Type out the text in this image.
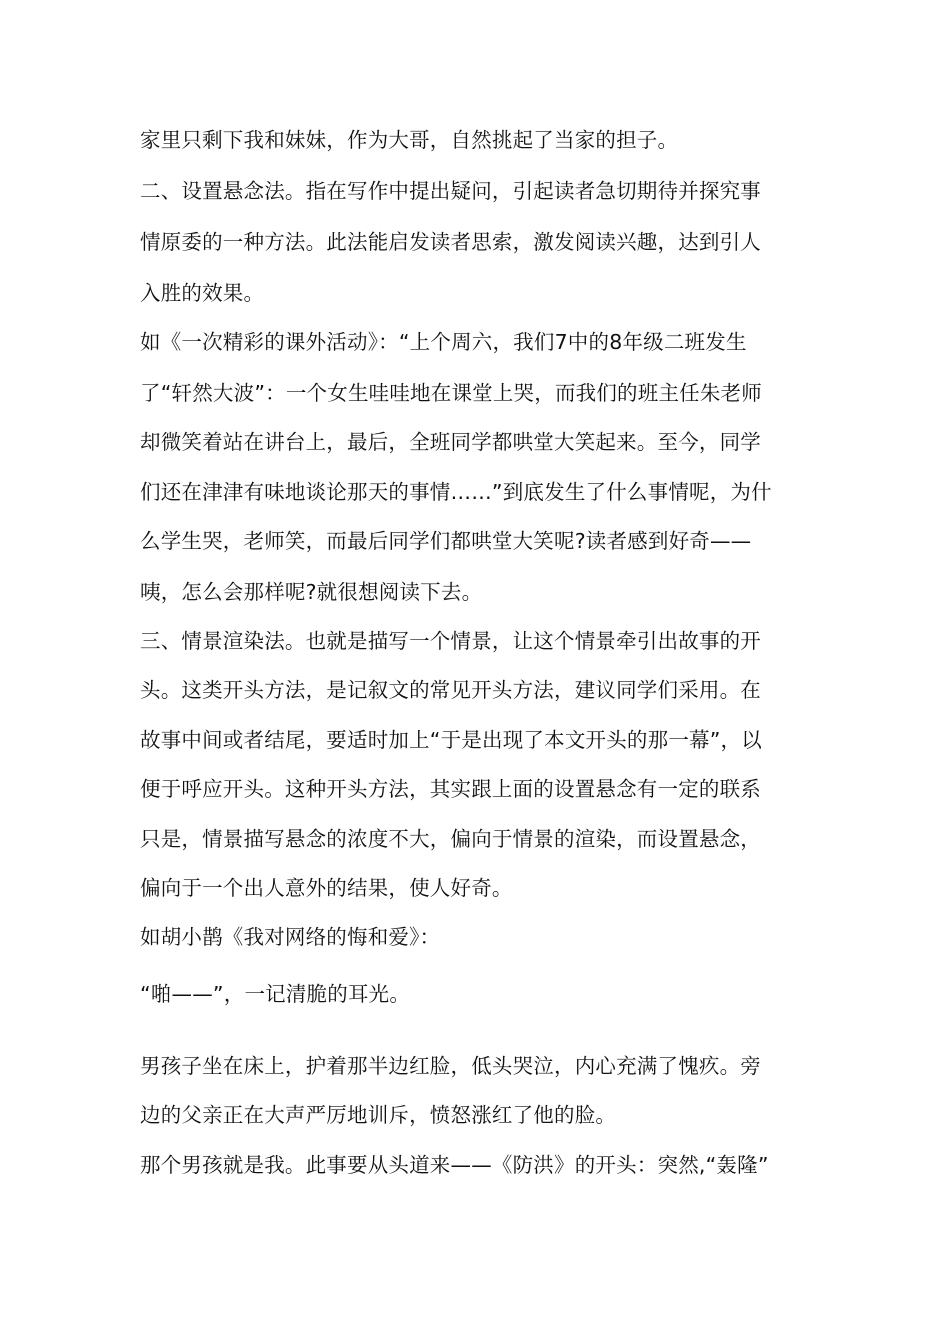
家里只剩下我和妹妹，作为大哥，自然挑起了当家的担子。
二、设置悬念法。指在写作中提出疑问，引起读者急切期待并探究事
情原委的一种方法。此法能启发读者思索，激发阅读兴趣，达到引人
入胜的效果。
如《一次精彩的课外活动》：“上个周六，我们7中的8年级二班发生
了“轩然大波”：一个女生哇哇地在课堂上哭，而我们的班主任朱老师
却微笑着站在讲台上，最后，全班同学都哄堂大笑起来。至今，同学
们还在津津有味地谈论那天的事情……”到底发生了什么事情呢，为什
么学生哭，老师笑，而最后同学们都哄堂大笑呢?读者感到好奇——
咦，怎么会那样呢?就很想阅读下去。
三、情景渲染法。也就是描写一个情景，让这个情景牵引出故事的开
头。这类开头方法，是记叙文的常见开头方法，建议同学们采用。在
故事中间或者结尾，要适时加上“于是出现了本文开头的那一幕”，以
便于呼应开头。这种开头方法，其实跟上面的设置悬念有一定的联系
只是，情景描写悬念的浓度不大，偏向于情景的渲染，而设置悬念，
偏向于一个出人意外的结果，使人好奇。
如胡小鹊《我对网络的悔和爱》：
“啪——”，一记清脆的耳光。
男孩子坐在床上，护着那半边红脸，低头哭泣，内心充满了愧疚。旁
边的父亲正在大声严厉地训斥，愤怒涨红了他的脸。
那个男孩就是我。此事要从头道来——《防洪》的开头：突然,“轰隆”
